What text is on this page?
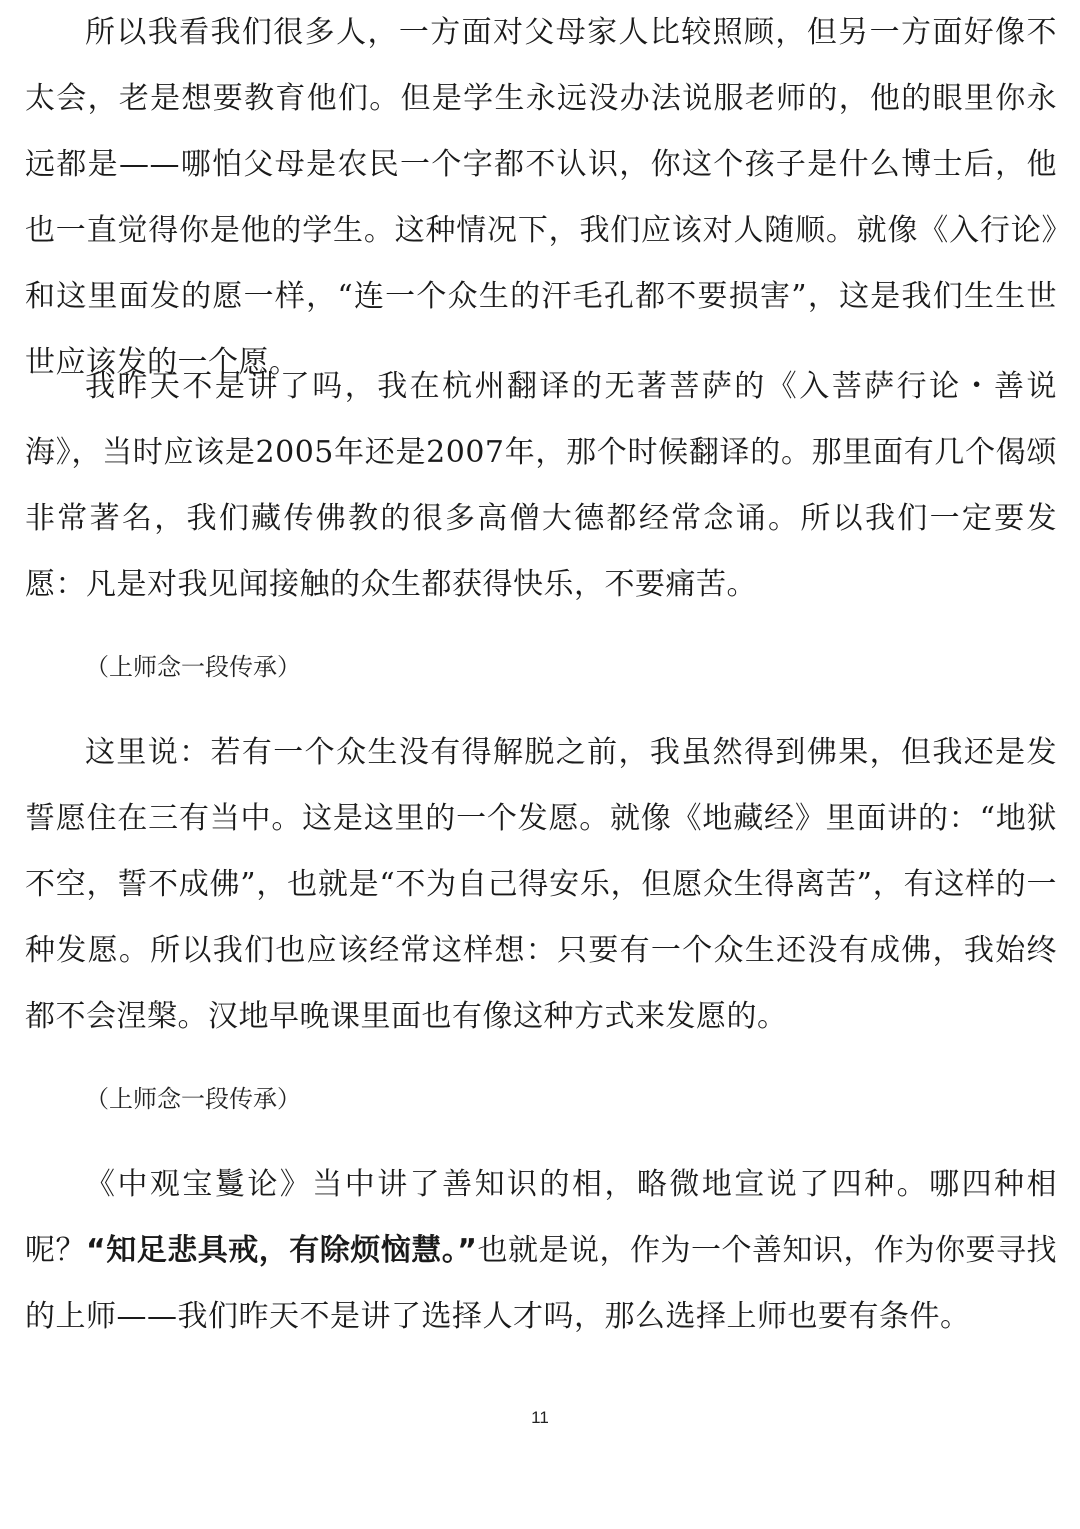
所以我看我们很多人，一方面对父母家人比较照顾，但另一方面好像不太会，老是想要教育他们。但是学生永远没办法说服老师的，他的眼里你永远都是——哪怕父母是农民一个字都不认识，你这个孩子是什么博士后，他也一直觉得你是他的学生。这种情况下，我们应该对人随顺。就像《入行论》和这里面发的愿一样，“连一个众生的汗毛孔都不要损害”，这是我们生生世世应该发的一个愿。

我昨天不是讲了吗，我在杭州翻译的无著菩萨的《入菩萨行论・善说海》，当时应该是2005年还是2007年，那个时候翻译的。那里面有几个偈颂非常著名，我们藏传佛教的很多高僧大德都经常念诵。所以我们一定要发愿：凡是对我见闻接触的众生都获得快乐，不要痛苦。

（上师念一段传承）

这里说：若有一个众生没有得解脱之前，我虽然得到佛果，但我还是发誓愿住在三有当中。这是这里的一个发愿。就像《地藏经》里面讲的：“地狱不空，誓不成佛”，也就是“不为自己得安乐，但愿众生得离苦”，有这样的一种发愿。所以我们也应该经常这样想：只要有一个众生还没有成佛，我始终都不会涅槃。汉地早晚课里面也有像这种方式来发愿的。

（上师念一段传承）

《中观宝鬘论》当中讲了善知识的相，略微地宣说了四种。哪四种相呢？“知足悲具戒，有除烦恼慧。”也就是说，作为一个善知识，作为你要寻找的上师——我们昨天不是讲了选择人才吗，那么选择上师也要有条件。

11
